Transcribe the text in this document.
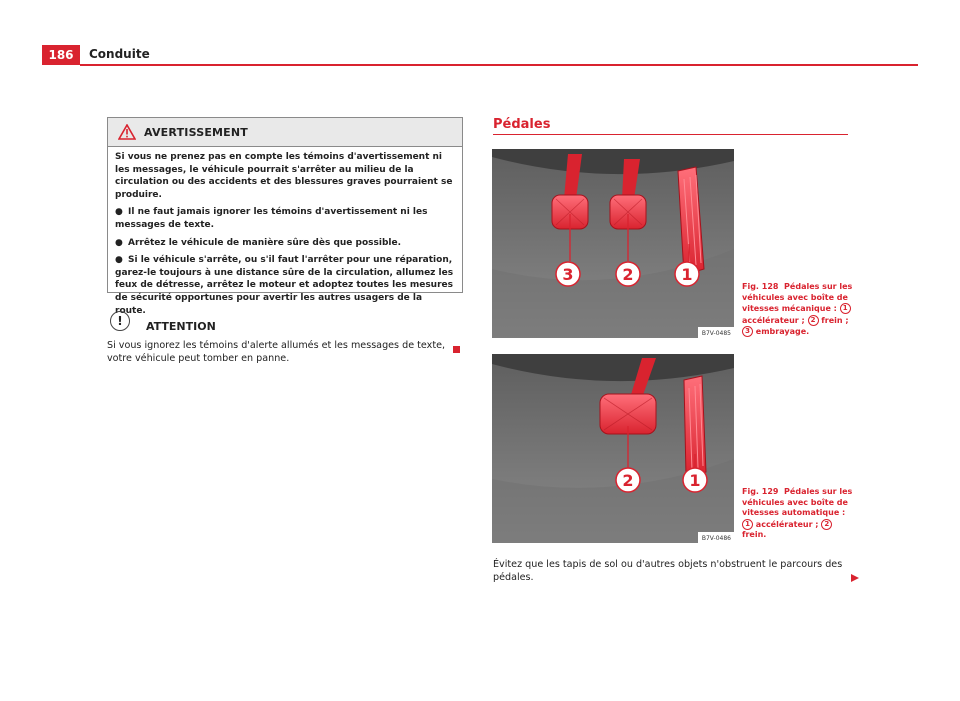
186	Conduite
AVERTISSEMENT

Si vous ne prenez pas en compte les témoins d'avertissement ni les messages, le véhicule pourrait s'arrêter au milieu de la circulation ou des accidents et des blessures graves pourraient se produire.

● Il ne faut jamais ignorer les témoins d'avertissement ni les messages de texte.

● Arrêtez le véhicule de manière sûre dès que possible.

● Si le véhicule s'arrête, ou s'il faut l'arrêter pour une réparation, garez-le toujours à une distance sûre de la circulation, allumez les feux de détresse, arrêtez le moteur et adoptez toutes les mesures de sécurité opportunes pour avertir les autres usagers de la route.

!	ATTENTION
Si vous ignorez les témoins d'alerte allumés et les messages de texte, votre véhicule peut tomber en panne.
Pédales
3	2	1
B7V-0485
Fig. 128 Pédales sur les véhicules avec boîte de vitesses mécanique : 1 accélérateur ; 2 frein ; 3 embrayage.
2	1
B7V-0486
Fig. 129 Pédales sur les véhicules avec boîte de vitesses automatique : 1 accélérateur ; 2 frein.
Évitez que les tapis de sol ou d'autres objets n'obstruent le parcours des pédales.
